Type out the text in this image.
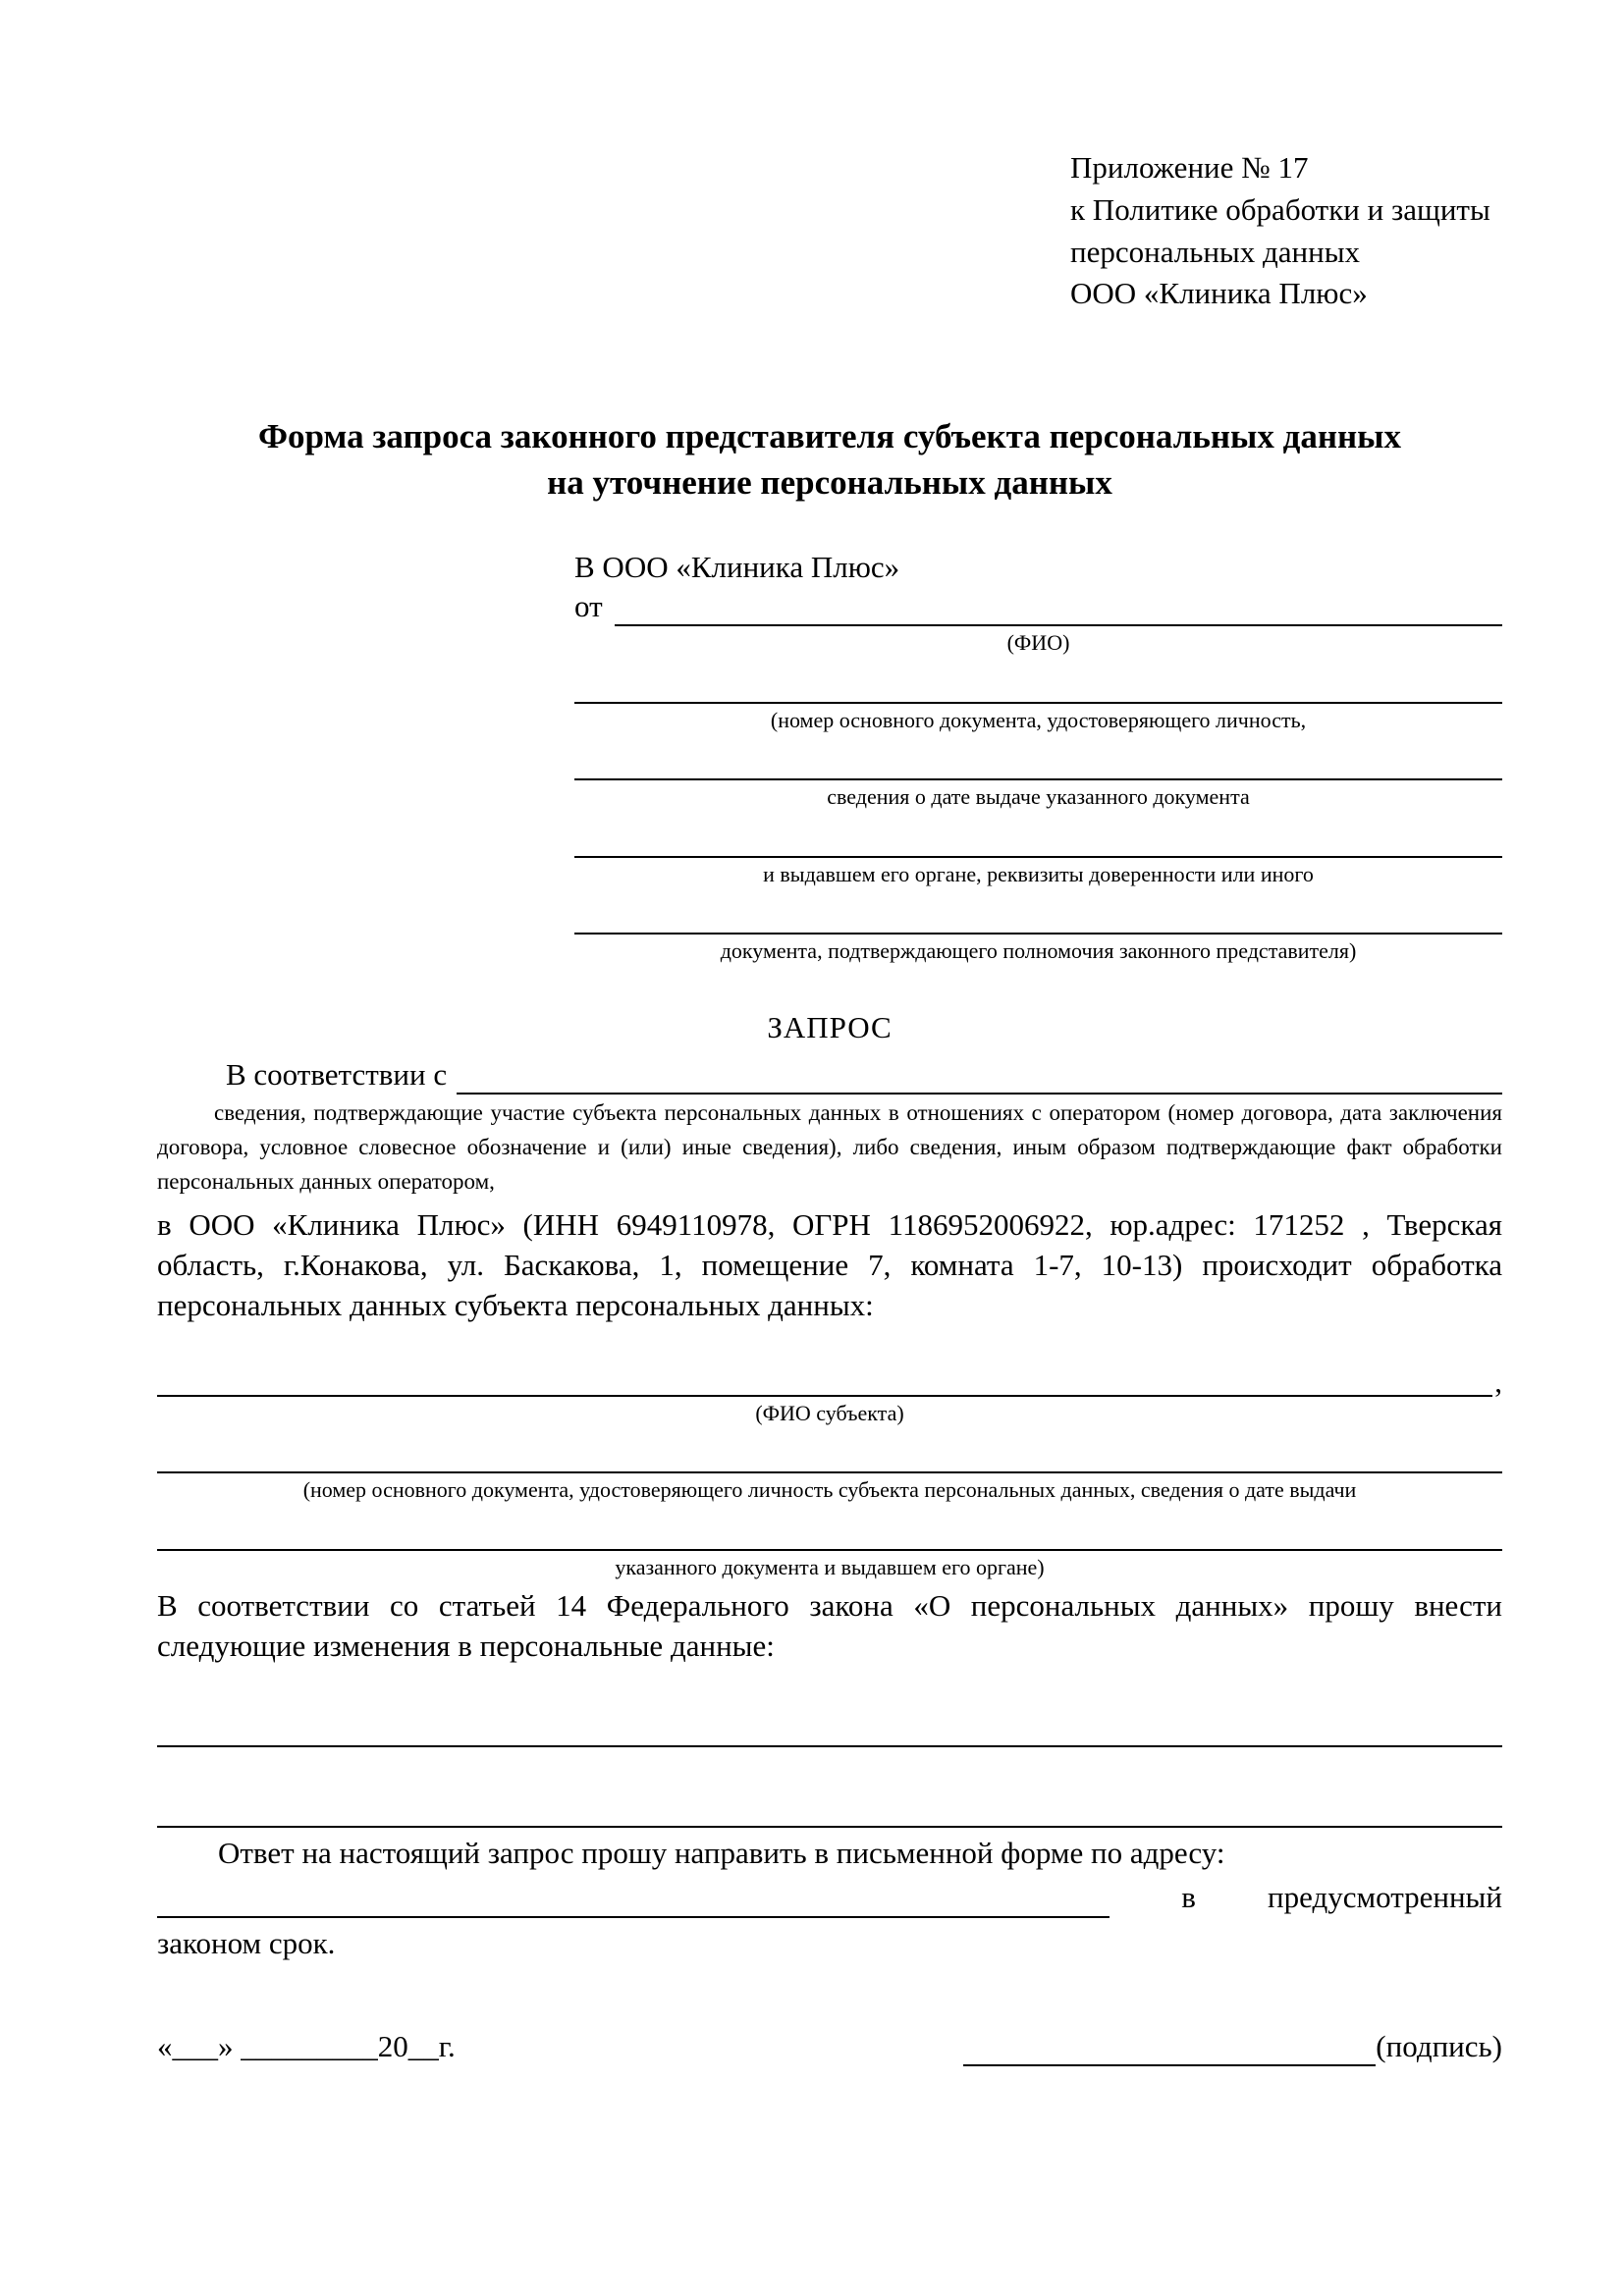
Приложение № 17
к Политике обработки и защиты
персональных данных
ООО «Клиника Плюс»
Форма запроса законного представителя субъекта персональных данных
на уточнение персональных данных
В ООО «Клиника Плюс»
от
(ФИО)
(номер основного документа, удостоверяющего личность,
сведения о дате выдаче указанного документа
и выдавшем его органе, реквизиты доверенности или иного
документа, подтверждающего полномочия законного представителя)
ЗАПРОС
В соответствии с

сведения, подтверждающие участие субъекта персональных данных в отношениях с оператором (номер договора, дата заключения договора, условное словесное обозначение и (или) иные сведения), либо сведения, иным образом подтверждающие факт обработки персональных данных оператором,

в ООО «Клиника Плюс» (ИНН 6949110978, ОГРН 1186952006922, юр.адрес: 171252 , Тверская область, г.Конакова, ул. Баскакова, 1, помещение 7, комната 1-7, 10-13) происходит обработка персональных данных субъекта персональных данных:

,
(ФИО субъекта)
(номер основного документа, удостоверяющего личность субъекта персональных данных, сведения о дате выдачи
указанного документа и выдавшем его органе)

В соответствии со статьей 14 Федерального закона «О персональных данных» прошу внести следующие изменения в персональные данные:

Ответ на настоящий запрос прошу направить в письменной форме по адресу:

в предусмотренный

законом срок.

«___» _________20__г.	(подпись)
